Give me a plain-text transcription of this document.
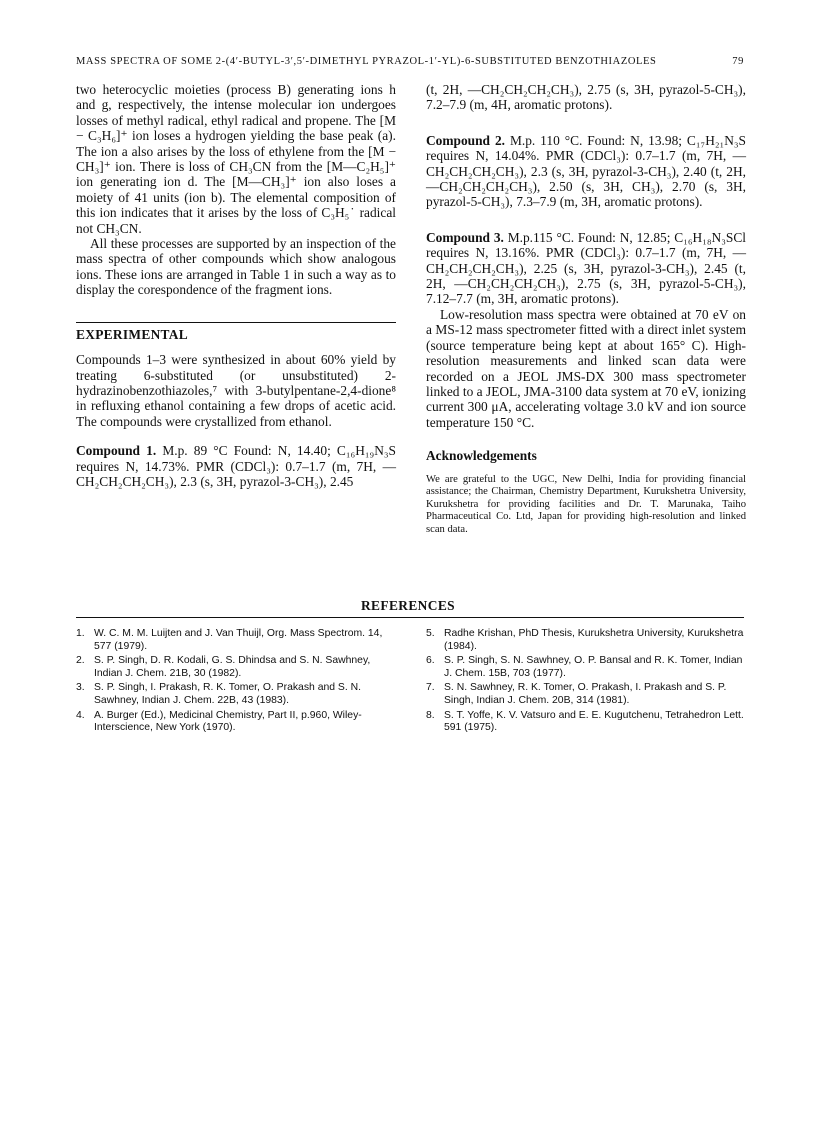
MASS SPECTRA OF SOME 2-(4′-BUTYL-3′,5′-DIMETHYL PYRAZOL-1′-YL)-6-SUBSTITUTED BENZOTHIAZOLES	79

two heterocyclic moieties (process B) generating ions h and g, respectively, the intense molecular ion undergoes losses of methyl radical, ethyl radical and propene. The [M − C₃H₆]⁺ ion loses a hydrogen yielding the base peak (a). The ion a also arises by the loss of ethylene from the [M − CH₃]⁺ ion. There is loss of CH₃CN from the [M—C₂H₅]⁺ ion generating ion d. The [M—CH₃]⁺ ion also loses a moiety of 41 units (ion b). The elemental composition of this ion indicates that it arises by the loss of C₃H₅˙ radical not CH₃CN.

All these processes are supported by an inspection of the mass spectra of other compounds which show analogous ions. These ions are arranged in Table 1 in such a way as to display the corespondence of the fragment ions.

EXPERIMENTAL

Compounds 1–3 were synthesized in about 60% yield by treating 6-substituted (or unsubstituted) 2-hydrazinobenzothiazoles,⁷ with 3-butylpentane-2,4-dione⁸ in refluxing ethanol containing a few drops of acetic acid. The compounds were crystallized from ethanol.

Compound 1. M.p. 89 °C Found: N, 14.40; C₁₆H₁₉N₃S requires N, 14.73%. PMR (CDCl₃): 0.7–1.7 (m, 7H, —CH₂CH₂CH₂CH₃), 2.3 (s, 3H, pyrazol-3-CH₃), 2.45

(t, 2H, —CH₂CH₂CH₂CH₃), 2.75 (s, 3H, pyrazol-5-CH₃), 7.2–7.9 (m, 4H, aromatic protons).

Compound 2. M.p. 110 °C. Found: N, 13.98; C₁₇H₂₁N₃S requires N, 14.04%. PMR (CDCl₃): 0.7–1.7 (m, 7H, —CH₂CH₂CH₂CH₃), 2.3 (s, 3H, pyrazol-3-CH₃), 2.40 (t, 2H, —CH₂CH₂CH₂CH₃), 2.50 (s, 3H, CH₃), 2.70 (s, 3H, pyrazol-5-CH₃), 7.3–7.9 (m, 3H, aromatic protons).

Compound 3. M.p.115 °C. Found: N, 12.85; C₁₆H₁₈N₃SCl requires N, 13.16%. PMR (CDCl₃): 0.7–1.7 (m, 7H, —CH₂CH₂CH₂CH₃), 2.25 (s, 3H, pyrazol-3-CH₃), 2.45 (t, 2H, —CH₂CH₂CH₂CH₃), 2.75 (s, 3H, pyrazol-5-CH₃), 7.12–7.7 (m, 3H, aromatic protons).

Low-resolution mass spectra were obtained at 70 eV on a MS-12 mass spectrometer fitted with a direct inlet system (source temperature being kept at about 165° C). High-resolution measurements and linked scan data were recorded on a JEOL JMS-DX 300 mass spectrometer linked to a JEOL, JMA-3100 data system at 70 eV, ionizing current 300 μA, accelerating voltage 3.0 kV and ion source temperature 150 °C.

Acknowledgements

We are grateful to the UGC, New Delhi, India for providing financial assistance; the Chairman, Chemistry Department, Kurukshetra University, Kurukshetra for providing facilities and Dr. T. Marunaka, Taiho Pharmaceutical Co. Ltd, Japan for providing high-resolution and linked scan data.

REFERENCES
1. W. C. M. M. Luijten and J. Van Thuijl, Org. Mass Spectrom. 14, 577 (1979).
2. S. P. Singh, D. R. Kodali, G. S. Dhindsa and S. N. Sawhney, Indian J. Chem. 21B, 30 (1982).
3. S. P. Singh, I. Prakash, R. K. Tomer, O. Prakash and S. N. Sawhney, Indian J. Chem. 22B, 43 (1983).
4. A. Burger (Ed.), Medicinal Chemistry, Part II, p.960, Wiley-Interscience, New York (1970).
5. Radhe Krishan, PhD Thesis, Kurukshetra University, Kurukshetra (1984).
6. S. P. Singh, S. N. Sawhney, O. P. Bansal and R. K. Tomer, Indian J. Chem. 15B, 703 (1977).
7. S. N. Sawhney, R. K. Tomer, O. Prakash, I. Prakash and S. P. Singh, Indian J. Chem. 20B, 314 (1981).
8. S. T. Yoffe, K. V. Vatsuro and E. E. Kugutchenu, Tetrahedron Lett. 591 (1975).
